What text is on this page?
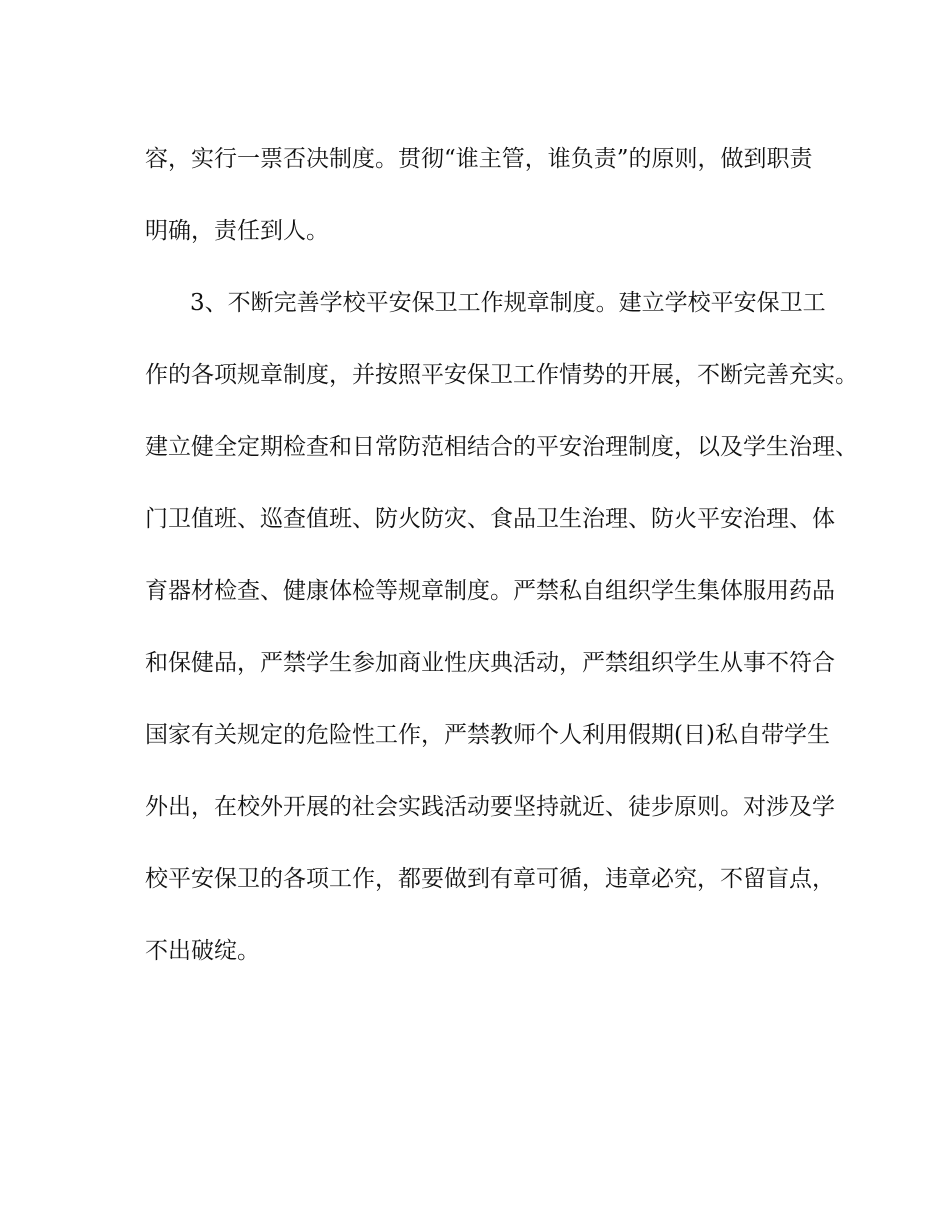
容，实行一票否决制度。贯彻“谁主管，谁负责”的原则，做到职责

明确，责任到人。

3、不断完善学校平安保卫工作规章制度。建立学校平安保卫工

作的各项规章制度，并按照平安保卫工作情势的开展，不断完善充实。

建立健全定期检查和日常防范相结合的平安治理制度，以及学生治理、

门卫值班、巡查值班、防火防灾、食品卫生治理、防火平安治理、体

育器材检查、健康体检等规章制度。严禁私自组织学生集体服用药品

和保健品，严禁学生参加商业性庆典活动，严禁组织学生从事不符合

国家有关规定的危险性工作，严禁教师个人利用假期(日)私自带学生

外出，在校外开展的社会实践活动要坚持就近、徒步原则。对涉及学

校平安保卫的各项工作，都要做到有章可循，违章必究，不留盲点，

不出破绽。
